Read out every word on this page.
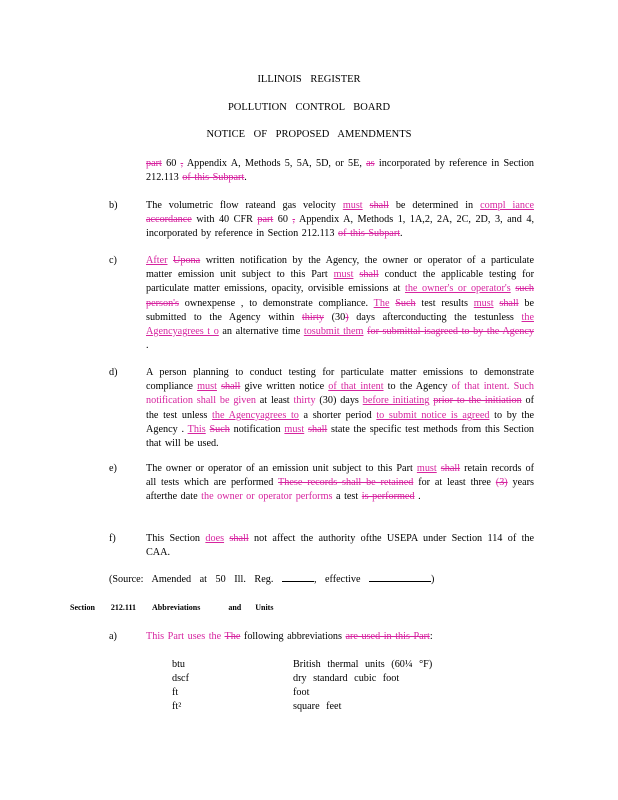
ILLINOIS REGISTER
POLLUTION CONTROL BOARD
NOTICE OF PROPOSED AMENDMENTS
part 60 , Appendix A, Methods 5, 5A, 5D, or 5E, as incorporated by reference in Section 212.113 of this Subpart.
b)	The volumetric flow rateand gas velocity must shall be determined in compl iance accordance with 40 CFR part 60 , Appendix A, Methods 1, 1A,2, 2A, 2C, 2D, 3, and 4, incorporated by reference in Section 212.113 of this Subpart.
c)	After Upona written notification by the Agency, the owner or operator of a particulate matter emission unit subject to this Part must shall conduct the applicable testing for particulate matter emissions, opacity, orvisible emissions at the owner's or operator's such person's ownexpense , to demonstrate compliance. The Such test results must shall be submitted to the Agency within thirty (30) days afterconducting the testunless the Agencyagrees t o an alternative time tosubmit them for submittal isagreed to by the Agency .
d)	A person planning to conduct testing for particulate matter emissions to demonstrate compliance must shall give written notice of that intent to the Agency of that intent. Such notification shall be given at least thirty (30) days before initiating prior to the initiation of the test unless the Agencyagrees to a shorter period to submit notice is agreed to by the Agency . This Such notification must shall state the specific test methods from this Section that will be used.
e)	The owner or operator of an emission unit subject to this Part must shall retain records of all tests which are performed These records shall be retained for at least three (3) years afterthe date the owner or operator performs a test is performed .
f)	This Section does shall not affect the authority ofthe USEPA under Section 114 of the CAA.
(Source: Amended at 50 Ill. Reg.	, effective	)
Section 212.111 Abbreviations	and Units
a)	This Part uses the The following abbreviations are used in this Part:
btu	British thermal units (60¼ °F)
dscf	dry standard cubic foot
ft	foot
ft²	square feet
